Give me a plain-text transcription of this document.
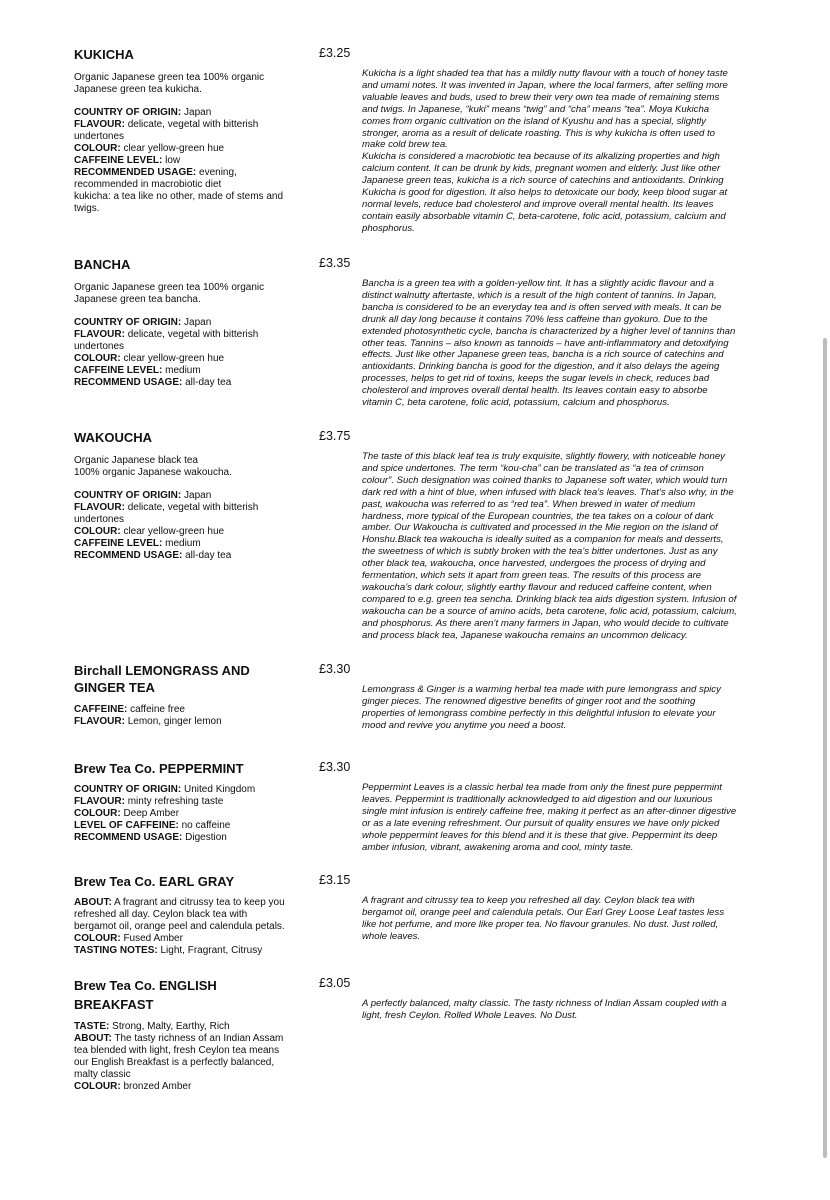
KUKICHA
Organic Japanese green tea 100% organic
Japanese green tea kukicha.
COUNTRY OF ORIGIN: Japan
FLAVOUR: delicate, vegetal with bitterish
undertones
COLOUR: clear yellow-green hue
CAFFEINE LEVEL: low
RECOMMENDED USAGE: evening,
recommended in macrobiotic diet
kukicha: a tea like no other, made of stems and
twigs.
£3.25
Kukicha is a light shaded tea that has a mildly nutty flavour with a touch of honey taste
and umami notes. It was invented in Japan, where the local farmers, after selling more
valuable leaves and buds, used to brew their very own tea made of remaining stems
and twigs. In Japanese, “kuki” means “twig” and “cha” means “tea”. Moya Kukicha
comes from organic cultivation on the island of Kyushu and has a special, slightly
stronger, aroma as a result of delicate roasting. This is why kukicha is often used to
make cold brew tea.
Kukicha is considered a macrobiotic tea because of its alkalizing properties and high
calcium content. It can be drunk by kids, pregnant women and elderly. Just like other
Japanese green teas, kukicha is a rich source of catechins and antioxidants. Drinking
Kukicha is good for digestion. It also helps to detoxicate our body, keep blood sugar at
normal levels, reduce bad cholesterol and improve overall mental health. Its leaves
contain easily absorbable vitamin C, beta-carotene, folic acid, potassium, calcium and
phosphorus.
BANCHA
Organic Japanese green tea 100% organic
Japanese green tea bancha.
COUNTRY OF ORIGIN: Japan
FLAVOUR: delicate, vegetal with bitterish
undertones
COLOUR: clear yellow-green hue
CAFFEINE LEVEL: medium
RECOMMEND USAGE: all-day tea
£3.35
Bancha is a green tea with a golden-yellow tint. It has a slightly acidic flavour and a
distinct walnutty aftertaste, which is a result of the high content of tannins. In Japan,
bancha is considered to be an everyday tea and is often served with meals. It can be
drunk all day long because it contains 70% less caffeine than gyokuro. Due to the
extended photosynthetic cycle, bancha is characterized by a higher level of tannins than
other teas. Tannins – also known as tannoids – have anti-inflammatory and detoxifying
effects. Just like other Japanese green teas, bancha is a rich source of catechins and
antioxidants. Drinking bancha is good for the digestion, and it also delays the ageing
processes, helps to get rid of toxins, keeps the sugar levels in check, reduces bad
cholesterol and improves overall dental health. Its leaves contain easy to absorbe
vitamin C, beta carotene, folic acid, potassium, calcium and phosphorus.
WAKOUCHA
Organic Japanese black tea
100% organic Japanese wakoucha.
COUNTRY OF ORIGIN: Japan
FLAVOUR: delicate, vegetal with bitterish
undertones
COLOUR: clear yellow-green hue
CAFFEINE LEVEL: medium
RECOMMEND USAGE: all-day tea
£3.75
The taste of this black leaf tea is truly exquisite, slightly flowery, with noticeable honey
and spice undertones. The term “kou-cha” can be translated as “a tea of crimson
colour”. Such designation was coined thanks to Japanese soft water, which would turn
dark red with a hint of blue, when infused with black tea’s leaves. That’s also why, in the
past, wakoucha was referred to as “red tea”. When brewed in water of medium
hardness, more typical of the European countries, the tea takes on a colour of dark
amber. Our Wakoucha is cultivated and processed in the Mie region on the island of
Honshu.Black tea wakoucha is ideally suited as a companion for meals and desserts,
the sweetness of which is subtly broken with the tea’s bitter undertones. Just as any
other black tea, wakoucha, once harvested, undergoes the process of drying and
fermentation, which sets it apart from green teas. The results of this process are
wakoucha’s dark colour, slightly earthy flavour and reduced caffeine content, when
compared to e.g. green tea sencha. Drinking black tea aids digestion system. Infusion of
wakoucha can be a source of amino acids, beta carotene, folic acid, potassium, calcium,
and phosphorus. As there aren’t many farmers in Japan, who would decide to cultivate
and process black tea, Japanese wakoucha remains an uncommon delicacy.
Birchall LEMONGRASS AND
GINGER TEA
CAFFEINE: caffeine free
FLAVOUR: Lemon, ginger lemon
£3.30
Lemongrass & Ginger is a warming herbal tea made with pure lemongrass and spicy
ginger pieces. The renowned digestive benefits of ginger root and the soothing
properties of lemongrass combine perfectly in this delightful infusion to elevate your
mood and revive you anytime you need a boost.
Brew Tea Co. PEPPERMINT
COUNTRY OF ORIGIN: United Kingdom
FLAVOUR: minty refreshing taste
COLOUR: Deep Amber
LEVEL OF CAFFEINE: no caffeine
RECOMMEND USAGE: Digestion
£3.30
Peppermint Leaves is a classic herbal tea made from only the finest pure peppermint
leaves. Peppermint is traditionally acknowledged to aid digestion and our luxurious
single mint infusion is entirely caffeine free, making it perfect as an after-dinner digestive
or as a late evening refreshment. Our pursuit of quality ensures we have only picked
whole peppermint leaves for this blend and it is these that give. Peppermint its deep
amber infusion, vibrant, awakening aroma and cool, minty taste.
Brew Tea Co. EARL GRAY
ABOUT: A fragrant and citrussy tea to keep you
refreshed all day. Ceylon black tea with
bergamot oil, orange peel and calendula petals.
COLOUR: Fused Amber
TASTING NOTES: Light, Fragrant, Citrusy
£3.15
A fragrant and citrussy tea to keep you refreshed all day. Ceylon black tea with
bergamot oil, orange peel and calendula petals. Our Earl Grey Loose Leaf tastes less
like hot perfume, and more like proper tea. No flavour granules. No dust. Just rolled,
whole leaves.
Brew Tea Co. ENGLISH
BREAKFAST
TASTE: Strong, Malty, Earthy, Rich
ABOUT: The tasty richness of an Indian Assam
tea blended with light, fresh Ceylon tea means
our English Breakfast is a perfectly balanced,
malty classic
COLOUR: bronzed Amber
£3.05
A perfectly balanced, malty classic. The tasty richness of Indian Assam coupled with a
light, fresh Ceylon. Rolled Whole Leaves. No Dust.
